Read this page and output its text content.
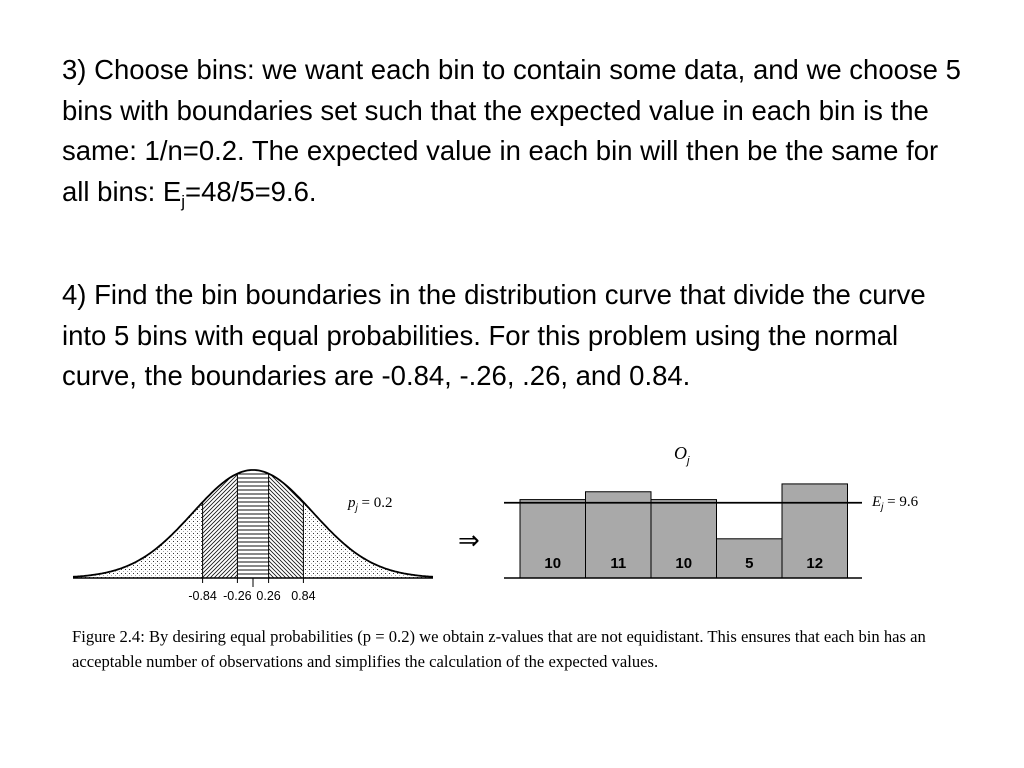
3) Choose bins: we want each bin to contain some data, and we choose 5 bins with boundaries set such that the expected value in each bin is the same: 1/n=0.2. The expected value in each bin will then be the same for all bins: $E_j=48/5=9.6$.

4) Find the bin boundaries in the distribution curve that divide the curve into 5 bins with equal probabilities. For this problem using the normal curve, the boundaries are -0.84, -.26, .26, and 0.84.

-0.84 -0.26 0.26 0.84
$p_j = 0.2$
⇒
10	11	10	5	12
$O_j$
$E_j = 9.6$

Figure 2.4: By desiring equal probabilities (p = 0.2) we obtain z-values that are not equidistant. This ensures that each bin has an acceptable number of observations and simplifies the calculation of the expected values.
